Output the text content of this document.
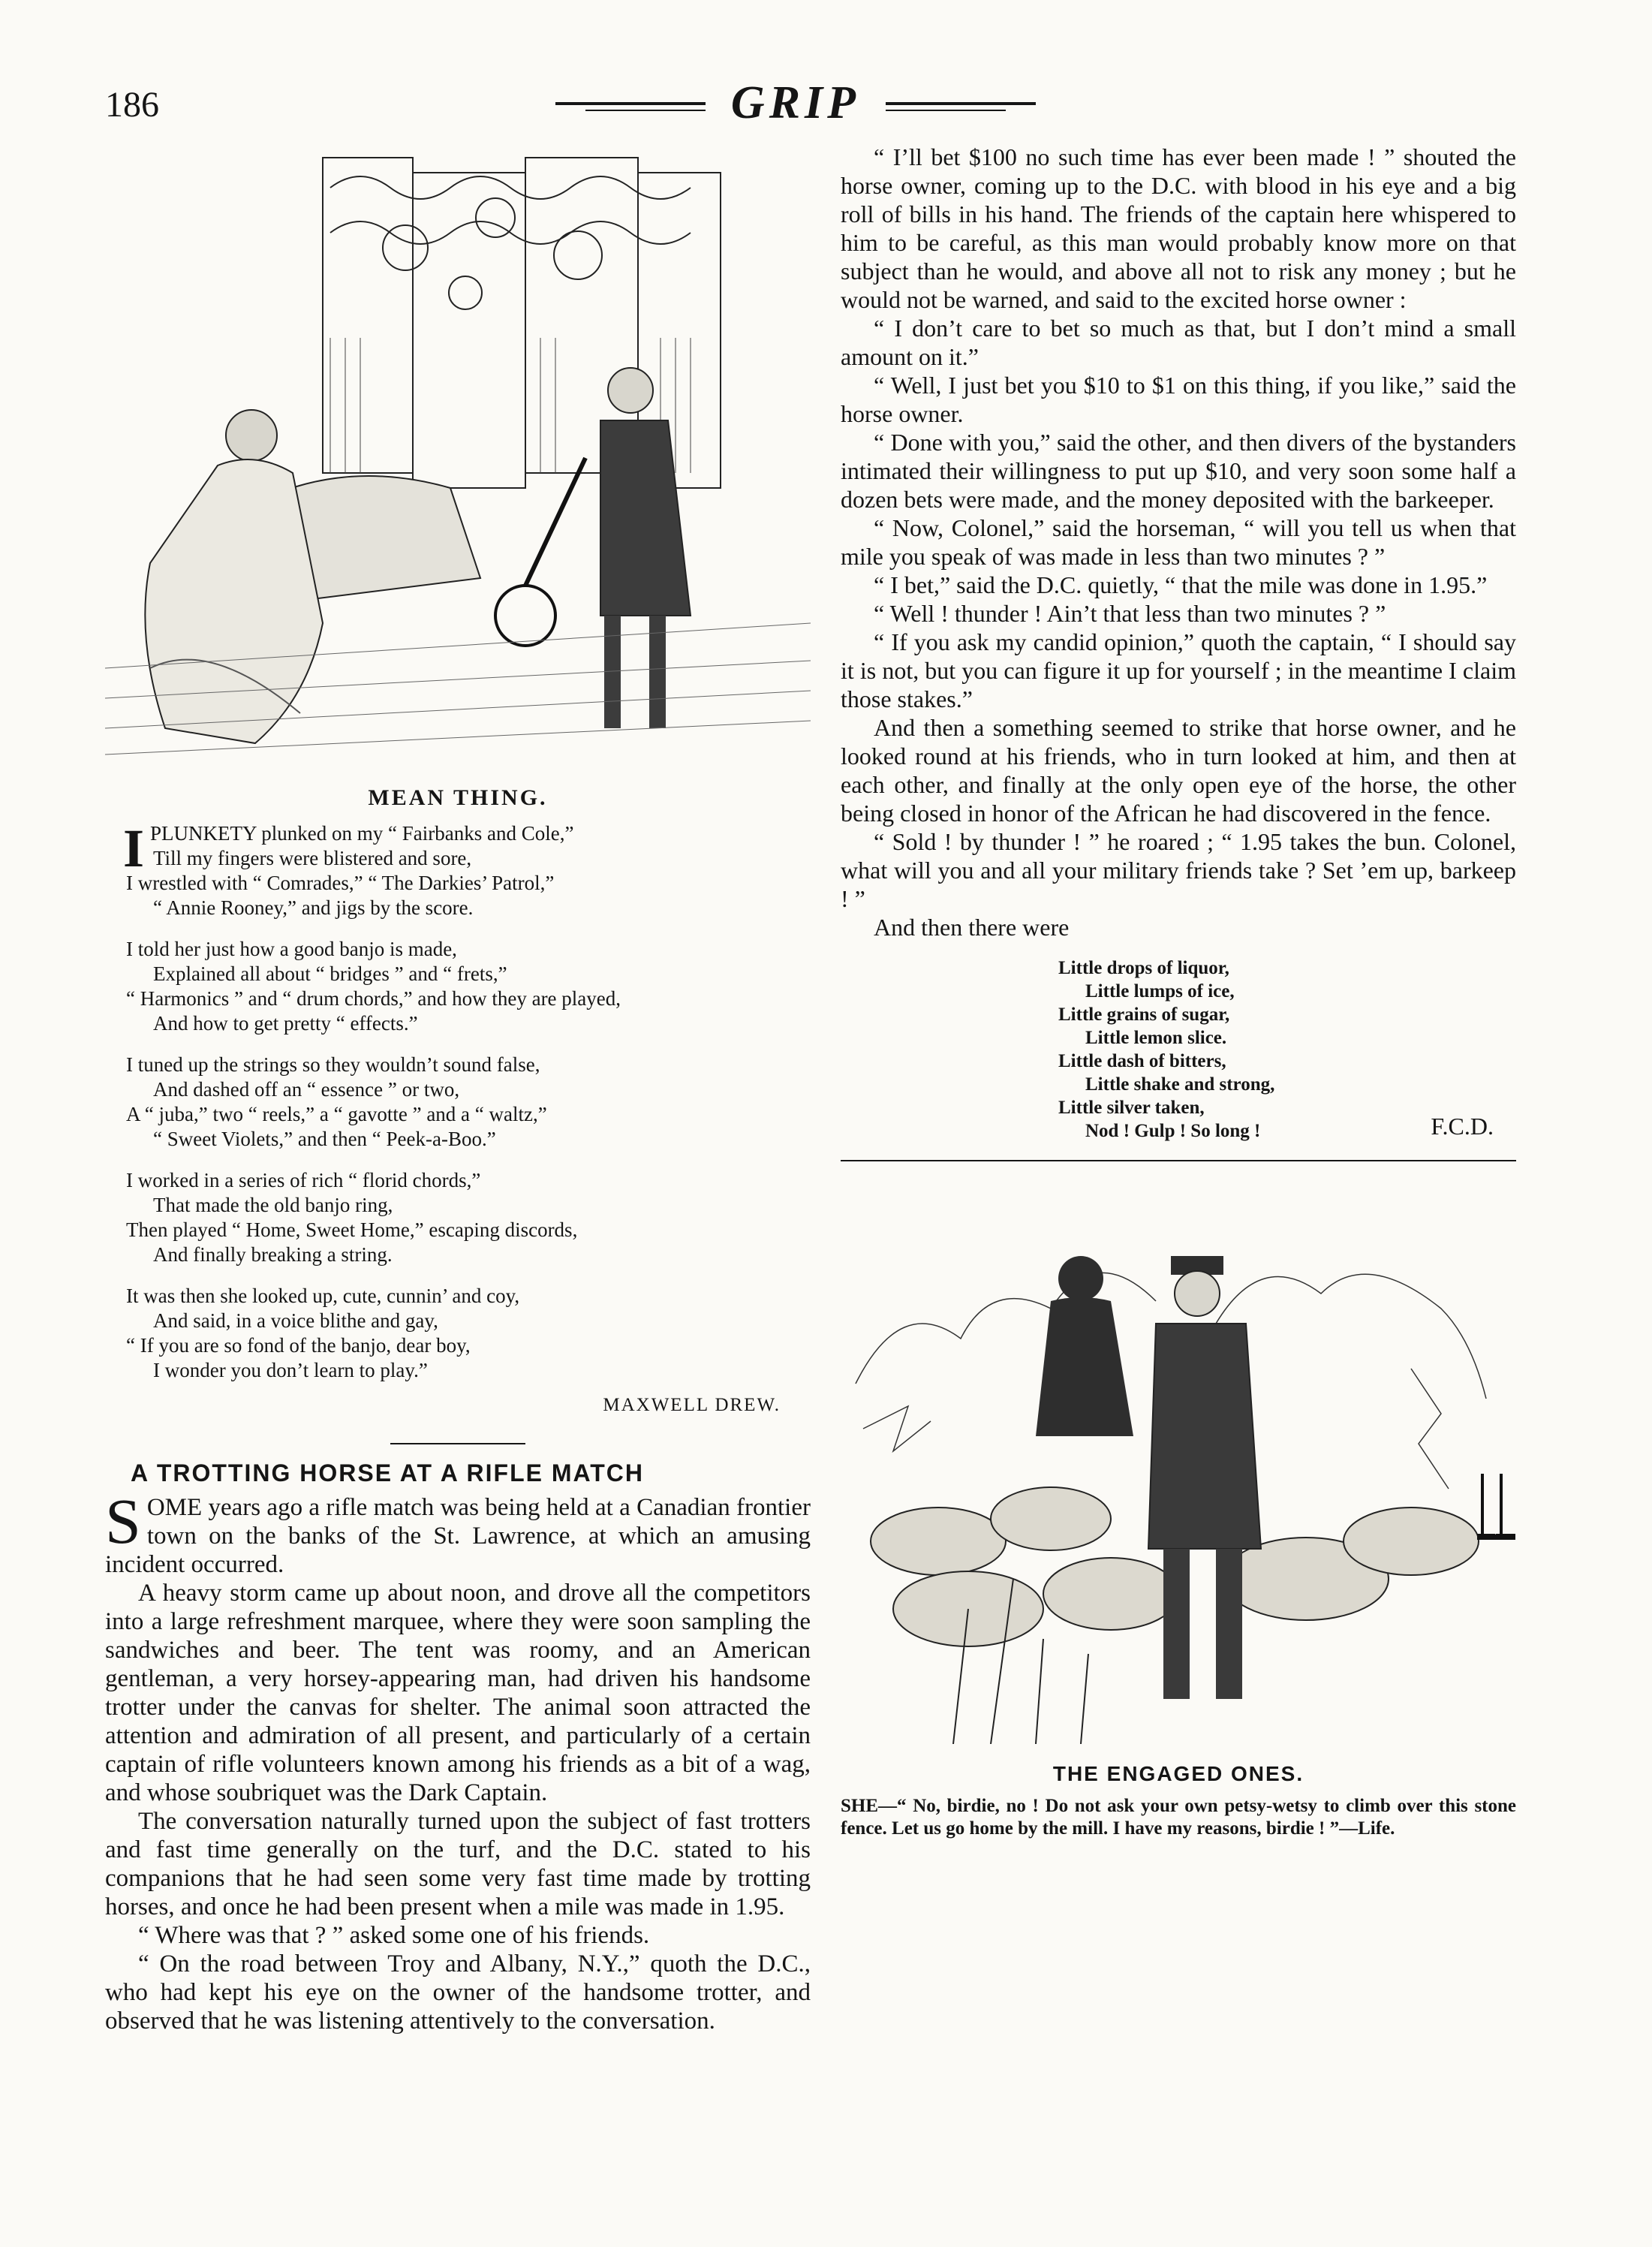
186	GRIP
MEAN THING.
I PLUNKETY plunked on my “ Fairbanks and Cole,”
Till my fingers were blistered and sore,
I wrestled with “ Comrades,” “ The Darkies’ Patrol,”
“ Annie Rooney,” and jigs by the score.
I told her just how a good banjo is made,
Explained all about “ bridges ” and “ frets,”
“ Harmonics ” and “ drum chords,” and how they are played,
And how to get pretty “ effects.”
I tuned up the strings so they wouldn’t sound false,
And dashed off an “ essence ” or two,
A “ juba,” two “ reels,” a “ gavotte ” and a “ waltz,”
“ Sweet Violets,” and then “ Peek-a-Boo.”
I worked in a series of rich “ florid chords,”
That made the old banjo ring,
Then played “ Home, Sweet Home,” escaping discords,
And finally breaking a string.
It was then she looked up, cute, cunnin’ and coy,
And said, in a voice blithe and gay,
“ If you are so fond of the banjo, dear boy,
I wonder you don’t learn to play.”
MAXWELL DREW.
A TROTTING HORSE AT A RIFLE MATCH

SOME years ago a rifle match was being held at a Canadian frontier town on the banks of the St. Lawrence, at which an amusing incident occurred.

A heavy storm came up about noon, and drove all the competitors into a large refreshment marquee, where they were soon sampling the sandwiches and beer. The tent was roomy, and an American gentleman, a very horsey-appearing man, had driven his handsome trotter under the canvas for shelter. The animal soon attracted the attention and admiration of all present, and particularly of a certain captain of rifle volunteers known among his friends as a bit of a wag, and whose soubriquet was the Dark Captain.

The conversation naturally turned upon the subject of fast trotters and fast time generally on the turf, and the D.C. stated to his companions that he had seen some very fast time made by trotting horses, and once he had been present when a mile was made in 1.95.

“ Where was that ? ” asked some one of his friends.

“ On the road between Troy and Albany, N.Y.,” quoth the D.C., who had kept his eye on the owner of the handsome trotter, and observed that he was listening attentively to the conversation.

“ I’ll bet $100 no such time has ever been made ! ” shouted the horse owner, coming up to the D.C. with blood in his eye and a big roll of bills in his hand. The friends of the captain here whispered to him to be careful, as this man would probably know more on that subject than he would, and above all not to risk any money ; but he would not be warned, and said to the excited horse owner :

“ I don’t care to bet so much as that, but I don’t mind a small amount on it.”

“ Well, I just bet you $10 to $1 on this thing, if you like,” said the horse owner.

“ Done with you,” said the other, and then divers of the bystanders intimated their willingness to put up $10, and very soon some half a dozen bets were made, and the money deposited with the barkeeper.

“ Now, Colonel,” said the horseman, “ will you tell us when that mile you speak of was made in less than two minutes ? ”

“ I bet,” said the D.C. quietly, “ that the mile was done in 1.95.”

“ Well ! thunder ! Ain’t that less than two minutes ? ”

“ If you ask my candid opinion,” quoth the captain, “ I should say it is not, but you can figure it up for yourself ; in the meantime I claim those stakes.”

And then a something seemed to strike that horse owner, and he looked round at his friends, who in turn looked at him, and then at each other, and finally at the only open eye of the horse, the other being closed in honor of the African he had discovered in the fence.

“ Sold ! by thunder ! ” he roared ; “ 1.95 takes the bun. Colonel, what will you and all your military friends take ? Set ’em up, barkeep ! ”

And then there were

Little drops of liquor,
Little lumps of ice,
Little grains of sugar,
Little lemon slice.
Little dash of bitters,
Little shake and strong,
Little silver taken,
Nod ! Gulp ! So long !	F.C.D.
THE ENGAGED ONES.
SHE—“ No, birdie, no ! Do not ask your own petsy-wetsy to climb over this stone fence. Let us go home by the mill. I have my reasons, birdie ! ”—Life.
